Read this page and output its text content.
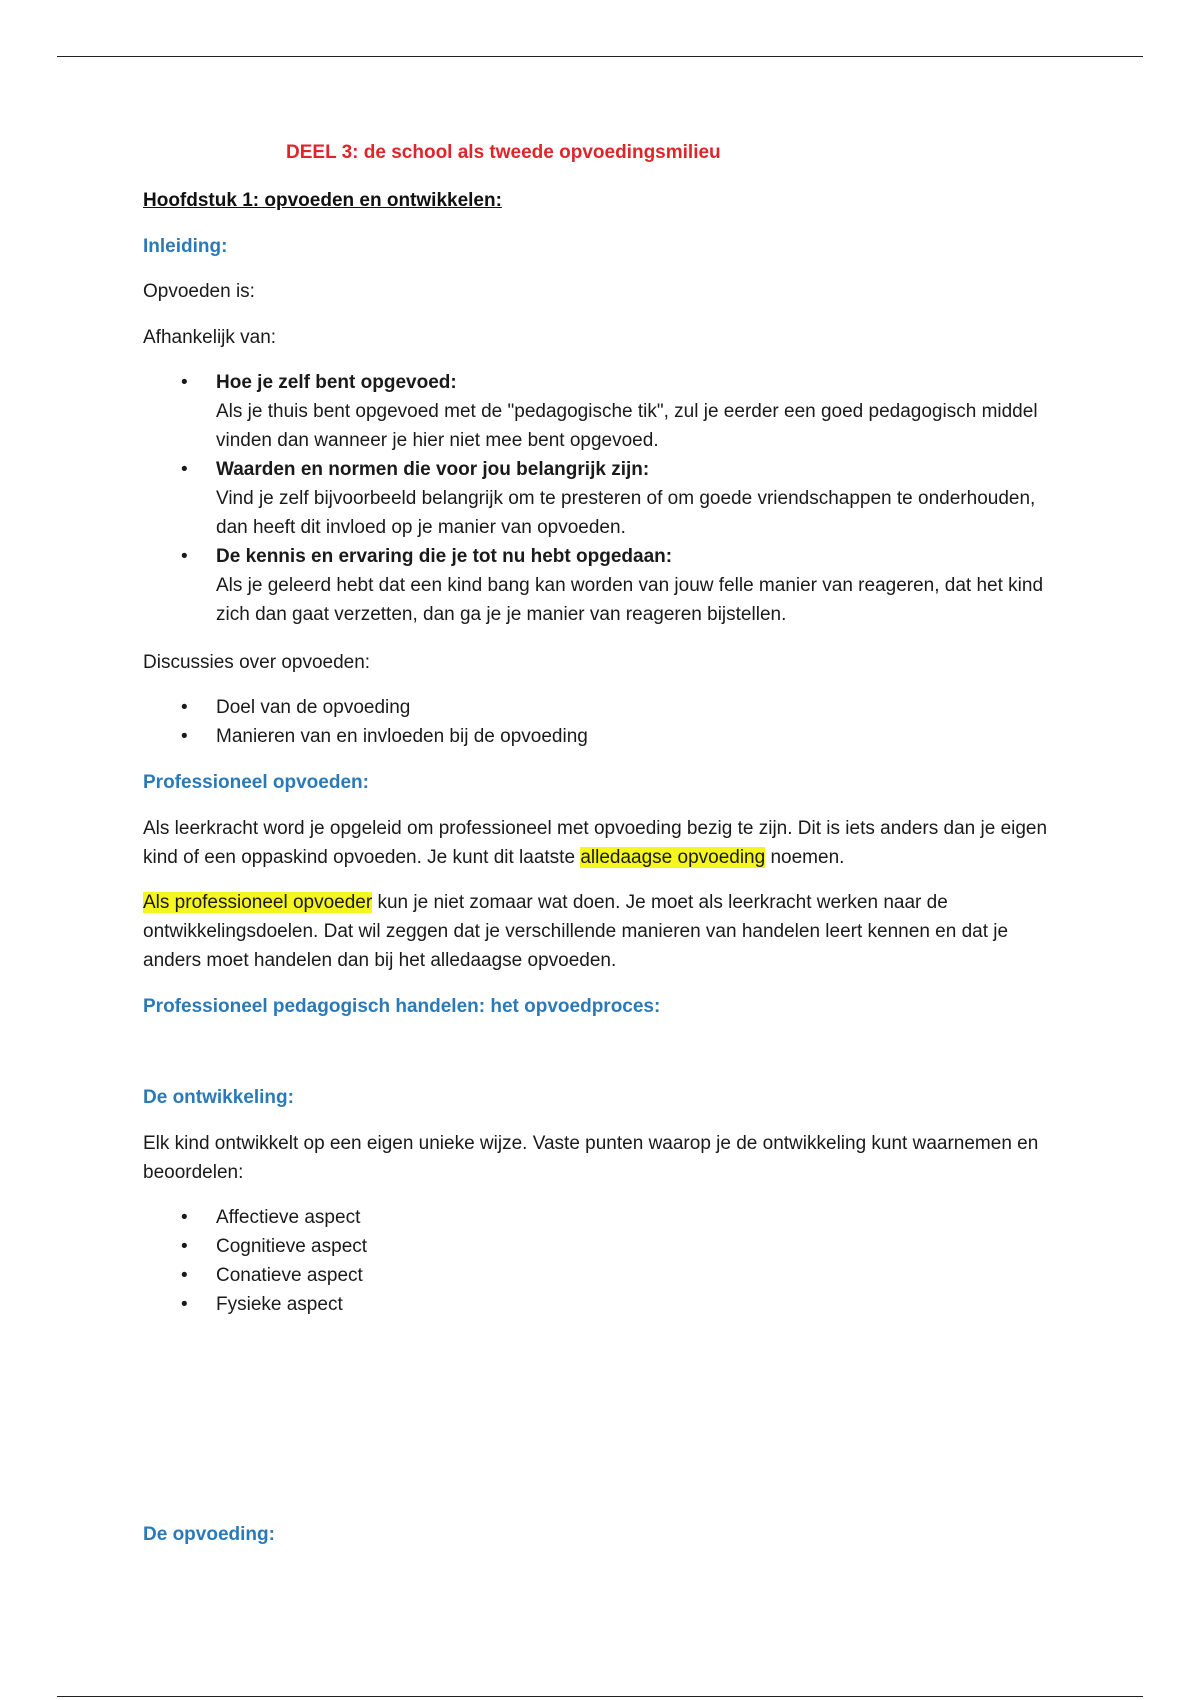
DEEL 3: de school als tweede opvoedingsmilieu
Hoofdstuk 1: opvoeden en ontwikkelen:
Inleiding:
Opvoeden is:
Afhankelijk van:
• Hoe je zelf bent opgevoed:
Als je thuis bent opgevoed met de "pedagogische tik", zul je eerder een goed pedagogisch middel vinden dan wanneer je hier niet mee bent opgevoed.
• Waarden en normen die voor jou belangrijk zijn:
Vind je zelf bijvoorbeeld belangrijk om te presteren of om goede vriendschappen te onderhouden, dan heeft dit invloed op je manier van opvoeden.
• De kennis en ervaring die je tot nu hebt opgedaan:
Als je geleerd hebt dat een kind bang kan worden van jouw felle manier van reageren, dat het kind zich dan gaat verzetten, dan ga je je manier van reageren bijstellen.
Discussies over opvoeden:
• Doel van de opvoeding
• Manieren van en invloeden bij de opvoeding
Professioneel opvoeden:

Als leerkracht word je opgeleid om professioneel met opvoeding bezig te zijn. Dit is iets anders dan je eigen kind of een oppaskind opvoeden. Je kunt dit laatste alledaagse opvoeding noemen.

Als professioneel opvoeder kun je niet zomaar wat doen. Je moet als leerkracht werken naar de ontwikkelingsdoelen. Dat wil zeggen dat je verschillende manieren van handelen leert kennen en dat je anders moet handelen dan bij het alledaagse opvoeden.

Professioneel pedagogisch handelen: het opvoedproces:
De ontwikkeling:

Elk kind ontwikkelt op een eigen unieke wijze. Vaste punten waarop je de ontwikkeling kunt waarnemen en beoordelen:

• Affectieve aspect
• Cognitieve aspect
• Conatieve aspect
• Fysieke aspect
De opvoeding:
